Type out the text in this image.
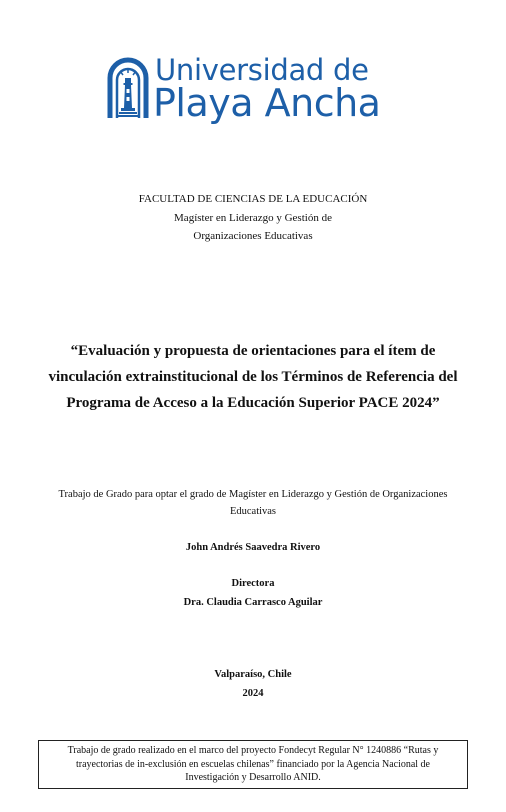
Universidad de
Playa Ancha
FACULTAD DE CIENCIAS DE LA EDUCACIÓN
Magíster en Liderazgo y Gestión de
Organizaciones Educativas
“Evaluación y propuesta de orientaciones para el ítem de
vinculación extrainstitucional de los Términos de Referencia del
Programa de Acceso a la Educación Superior PACE 2024”
Trabajo de Grado para optar el grado de Magíster en Liderazgo y Gestión de Organizaciones
Educativas
John Andrés Saavedra Rivero
Directora
Dra. Claudia Carrasco Aguilar
Valparaíso, Chile
2024
Trabajo de grado realizado en el marco del proyecto Fondecyt Regular N° 1240886 “Rutas y
trayectorias de in-exclusión en escuelas chilenas” financiado por la Agencia Nacional de
Investigación y Desarrollo ANID.
